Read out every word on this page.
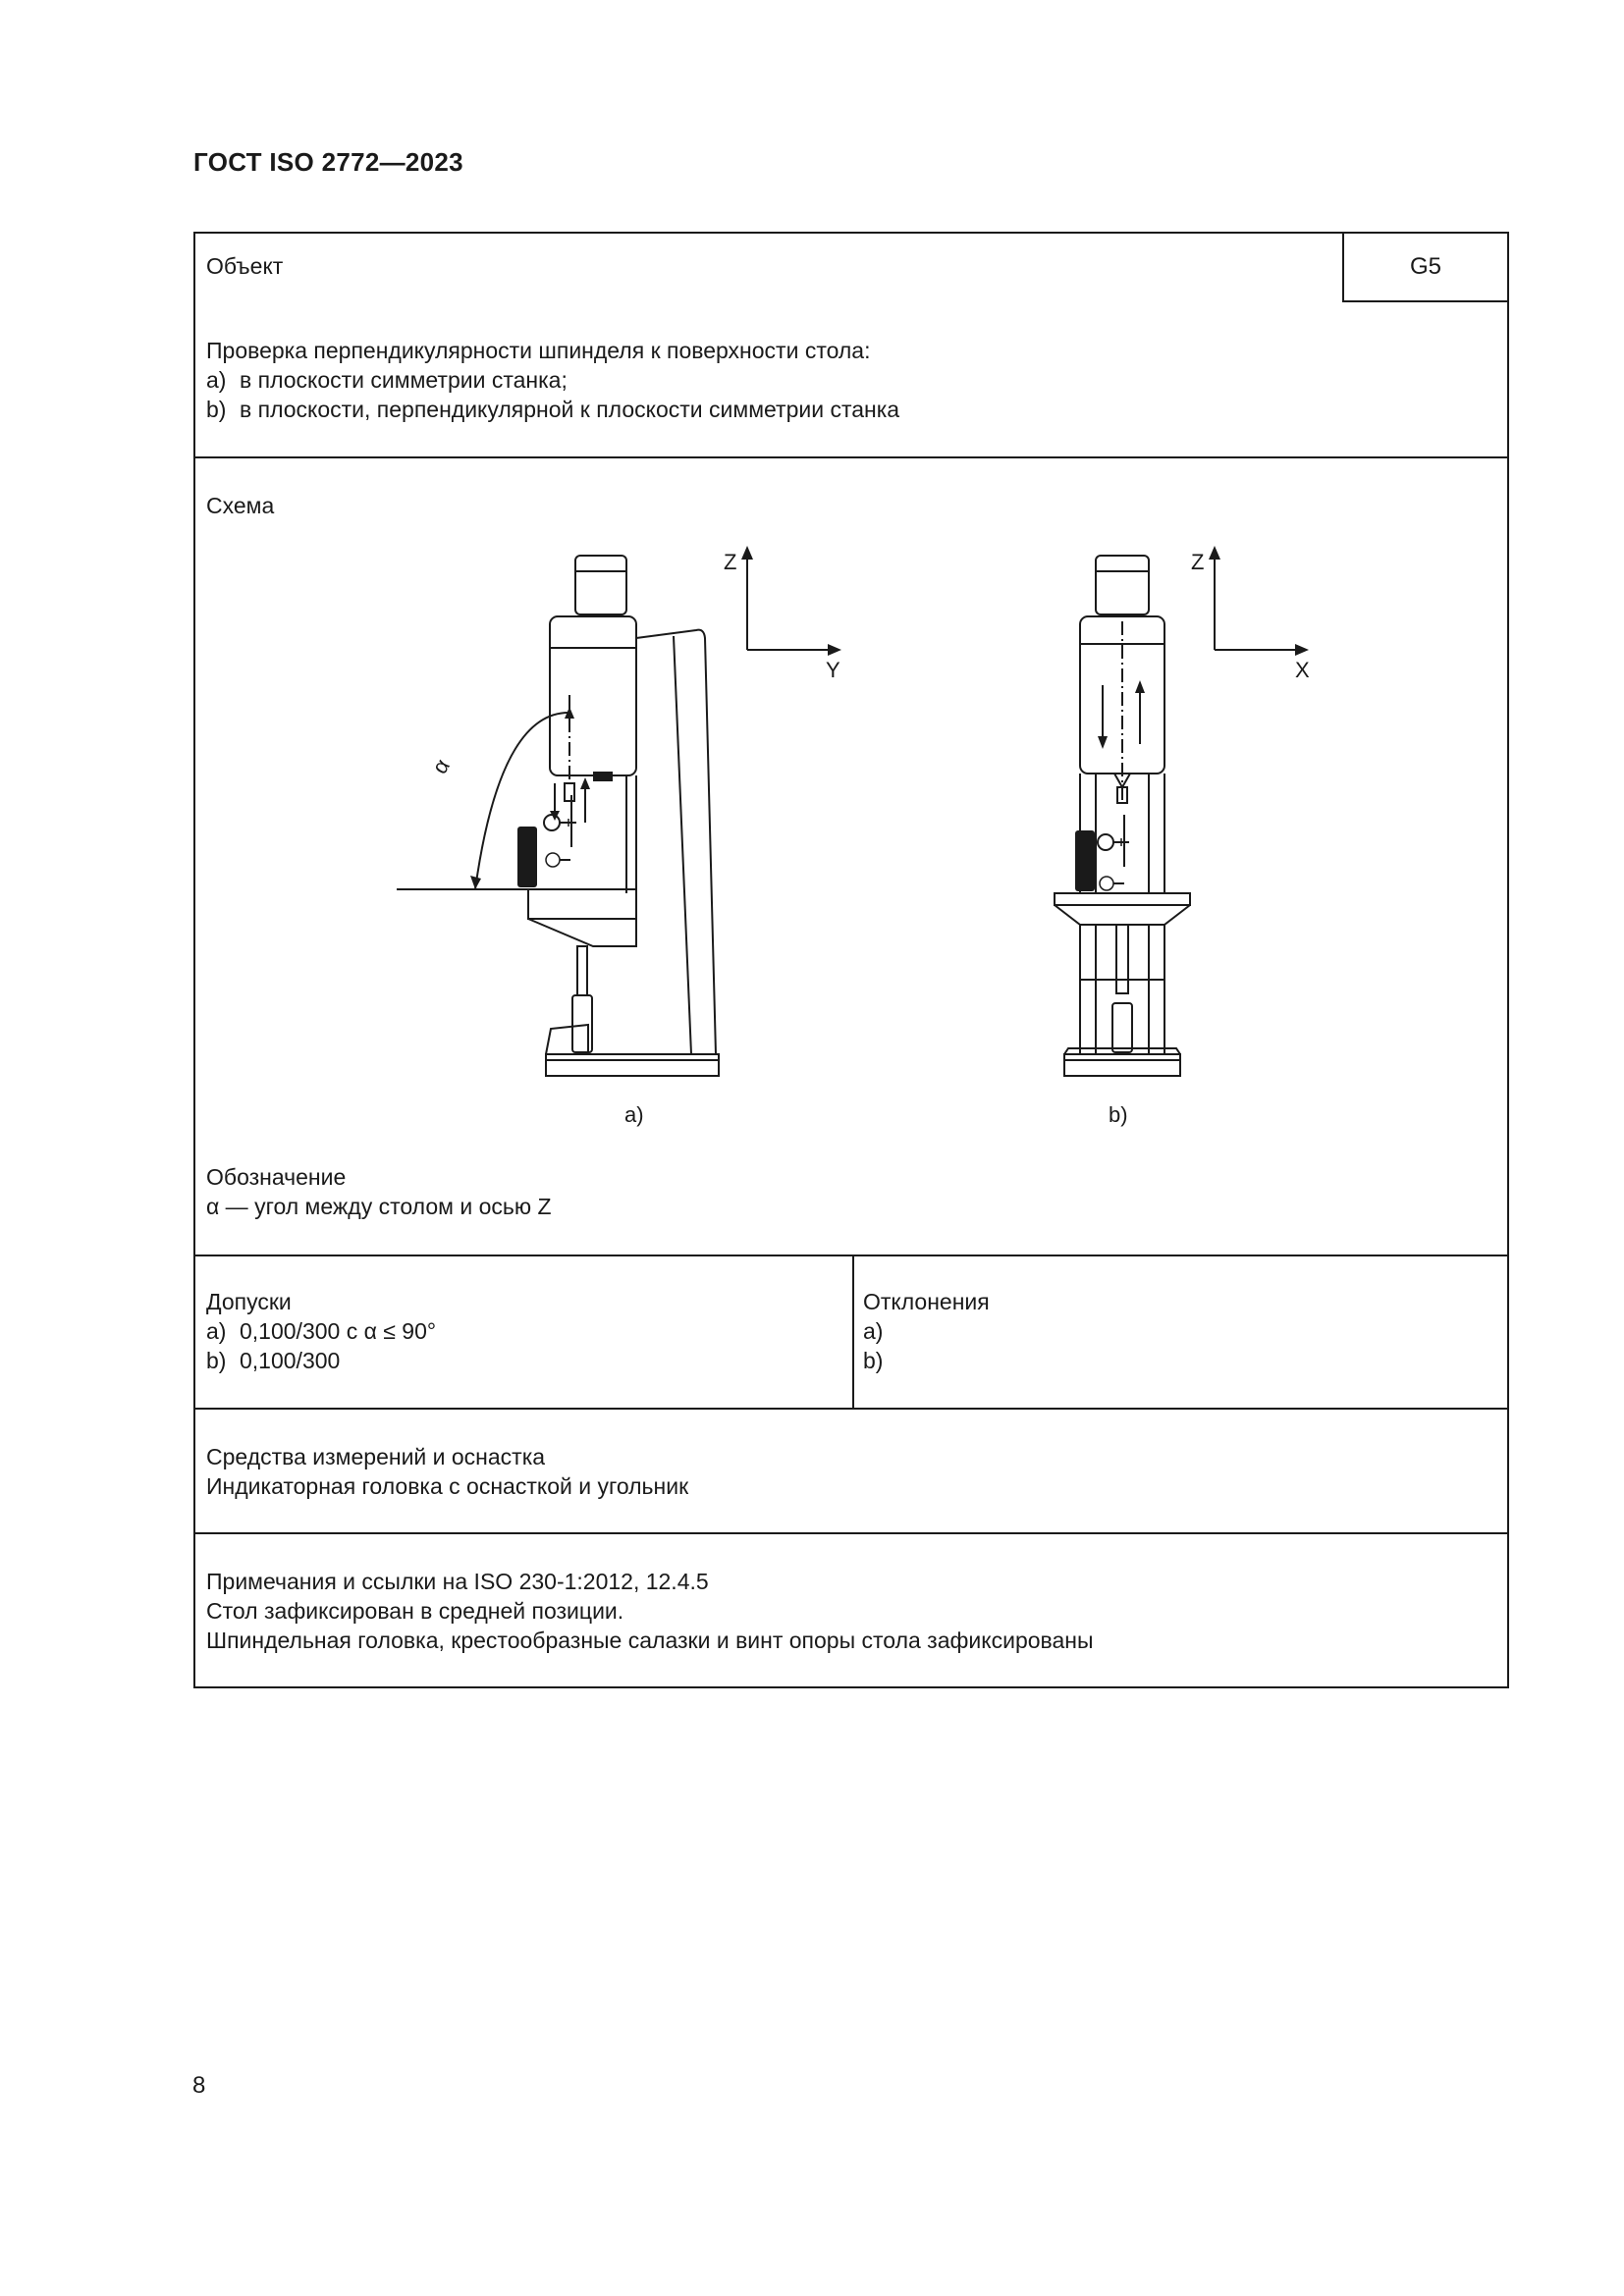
ГОСТ ISO 2772—2023
Объект	G5
Проверка перпендикулярности шпинделя к поверхности стола:
a) в плоскости симметрии станка;
b) в плоскости, перпендикулярной к плоскости симметрии станка
Схема
Z
Y
α
a)
Z
X
b)
Обозначение
α — угол между столом и осью Z
Допуски
a) 0,100/300 с α ≤ 90°
b) 0,100/300
Отклонения
a)
b)
Средства измерений и оснастка
Индикаторная головка с оснасткой и угольник
Примечания и ссылки на ISO 230-1:2012, 12.4.5
Стол зафиксирован в средней позиции.
Шпиндельная головка, крестообразные салазки и винт опоры стола зафиксированы
8
